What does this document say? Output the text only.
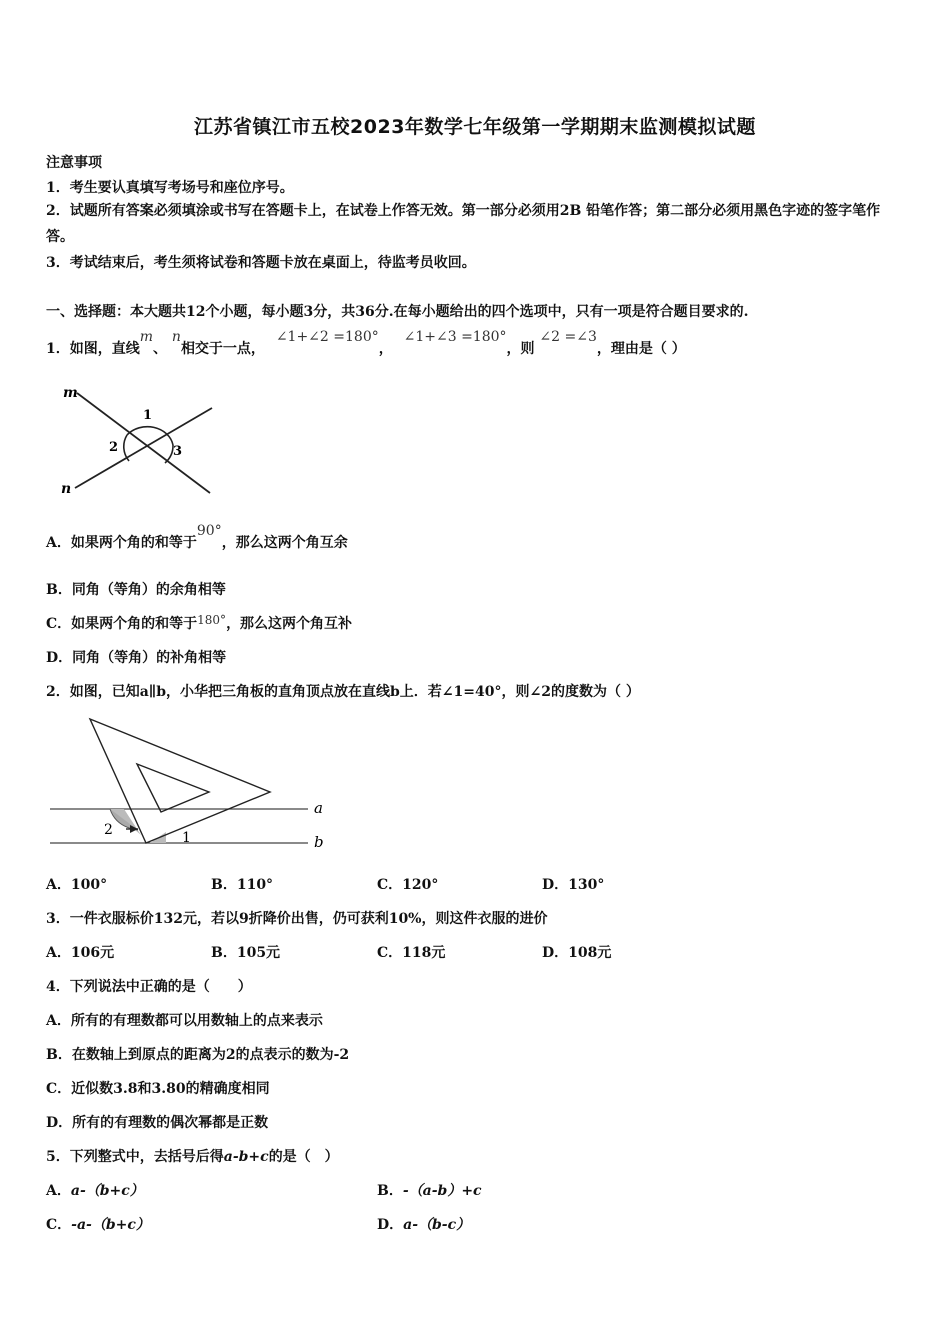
江苏省镇江市五校2023年数学七年级第一学期期末监测模拟试题
注意事项
1．考生要认真填写考场号和座位序号。
2．试题所有答案必须填涂或书写在答题卡上，在试卷上作答无效。第一部分必须用2B 铅笔作答；第二部分必须用黑色字迹的签字笔作答。
3．考试结束后，考生须将试卷和答题卡放在桌面上，待监考员收回。
一、选择题：本大题共12个小题，每小题3分，共36分.在每小题给出的四个选项中，只有一项是符合题目要求的.
1．如图，直线m、 n相交于一点， ∠1+∠2 =180°， ∠1+∠3 =180°，则 ∠2 =∠3，理由是（ ）
m
n
1
2	3
A．如果两个角的和等于90°，那么这两个角互余
B．同角（等角）的余角相等
C．如果两个角的和等于180°，那么这两个角互补
D．同角（等角）的补角相等
2．如图，已知a∥b，小华把三角板的直角顶点放在直线b上．若∠1=40°，则∠2的度数为（ ）
a
b
2	1
A．100°	B．110°	C．120°	D．130°
3．一件衣服标价132元，若以9折降价出售，仍可获利10%，则这件衣服的进价
A．106元	B．105元	C．118元	D．108元
4．下列说法中正确的是（　　）
A．所有的有理数都可以用数轴上的点来表示
B．在数轴上到原点的距离为2的点表示的数为-2
C．近似数3.8和3.80的精确度相同
D．所有的有理数的偶次幂都是正数
5．下列整式中，去括号后得a-b+c的是（　）
A．a-（b+c）	B．-（a-b）+c
C．-a-（b+c）	D．a-（b-c）
